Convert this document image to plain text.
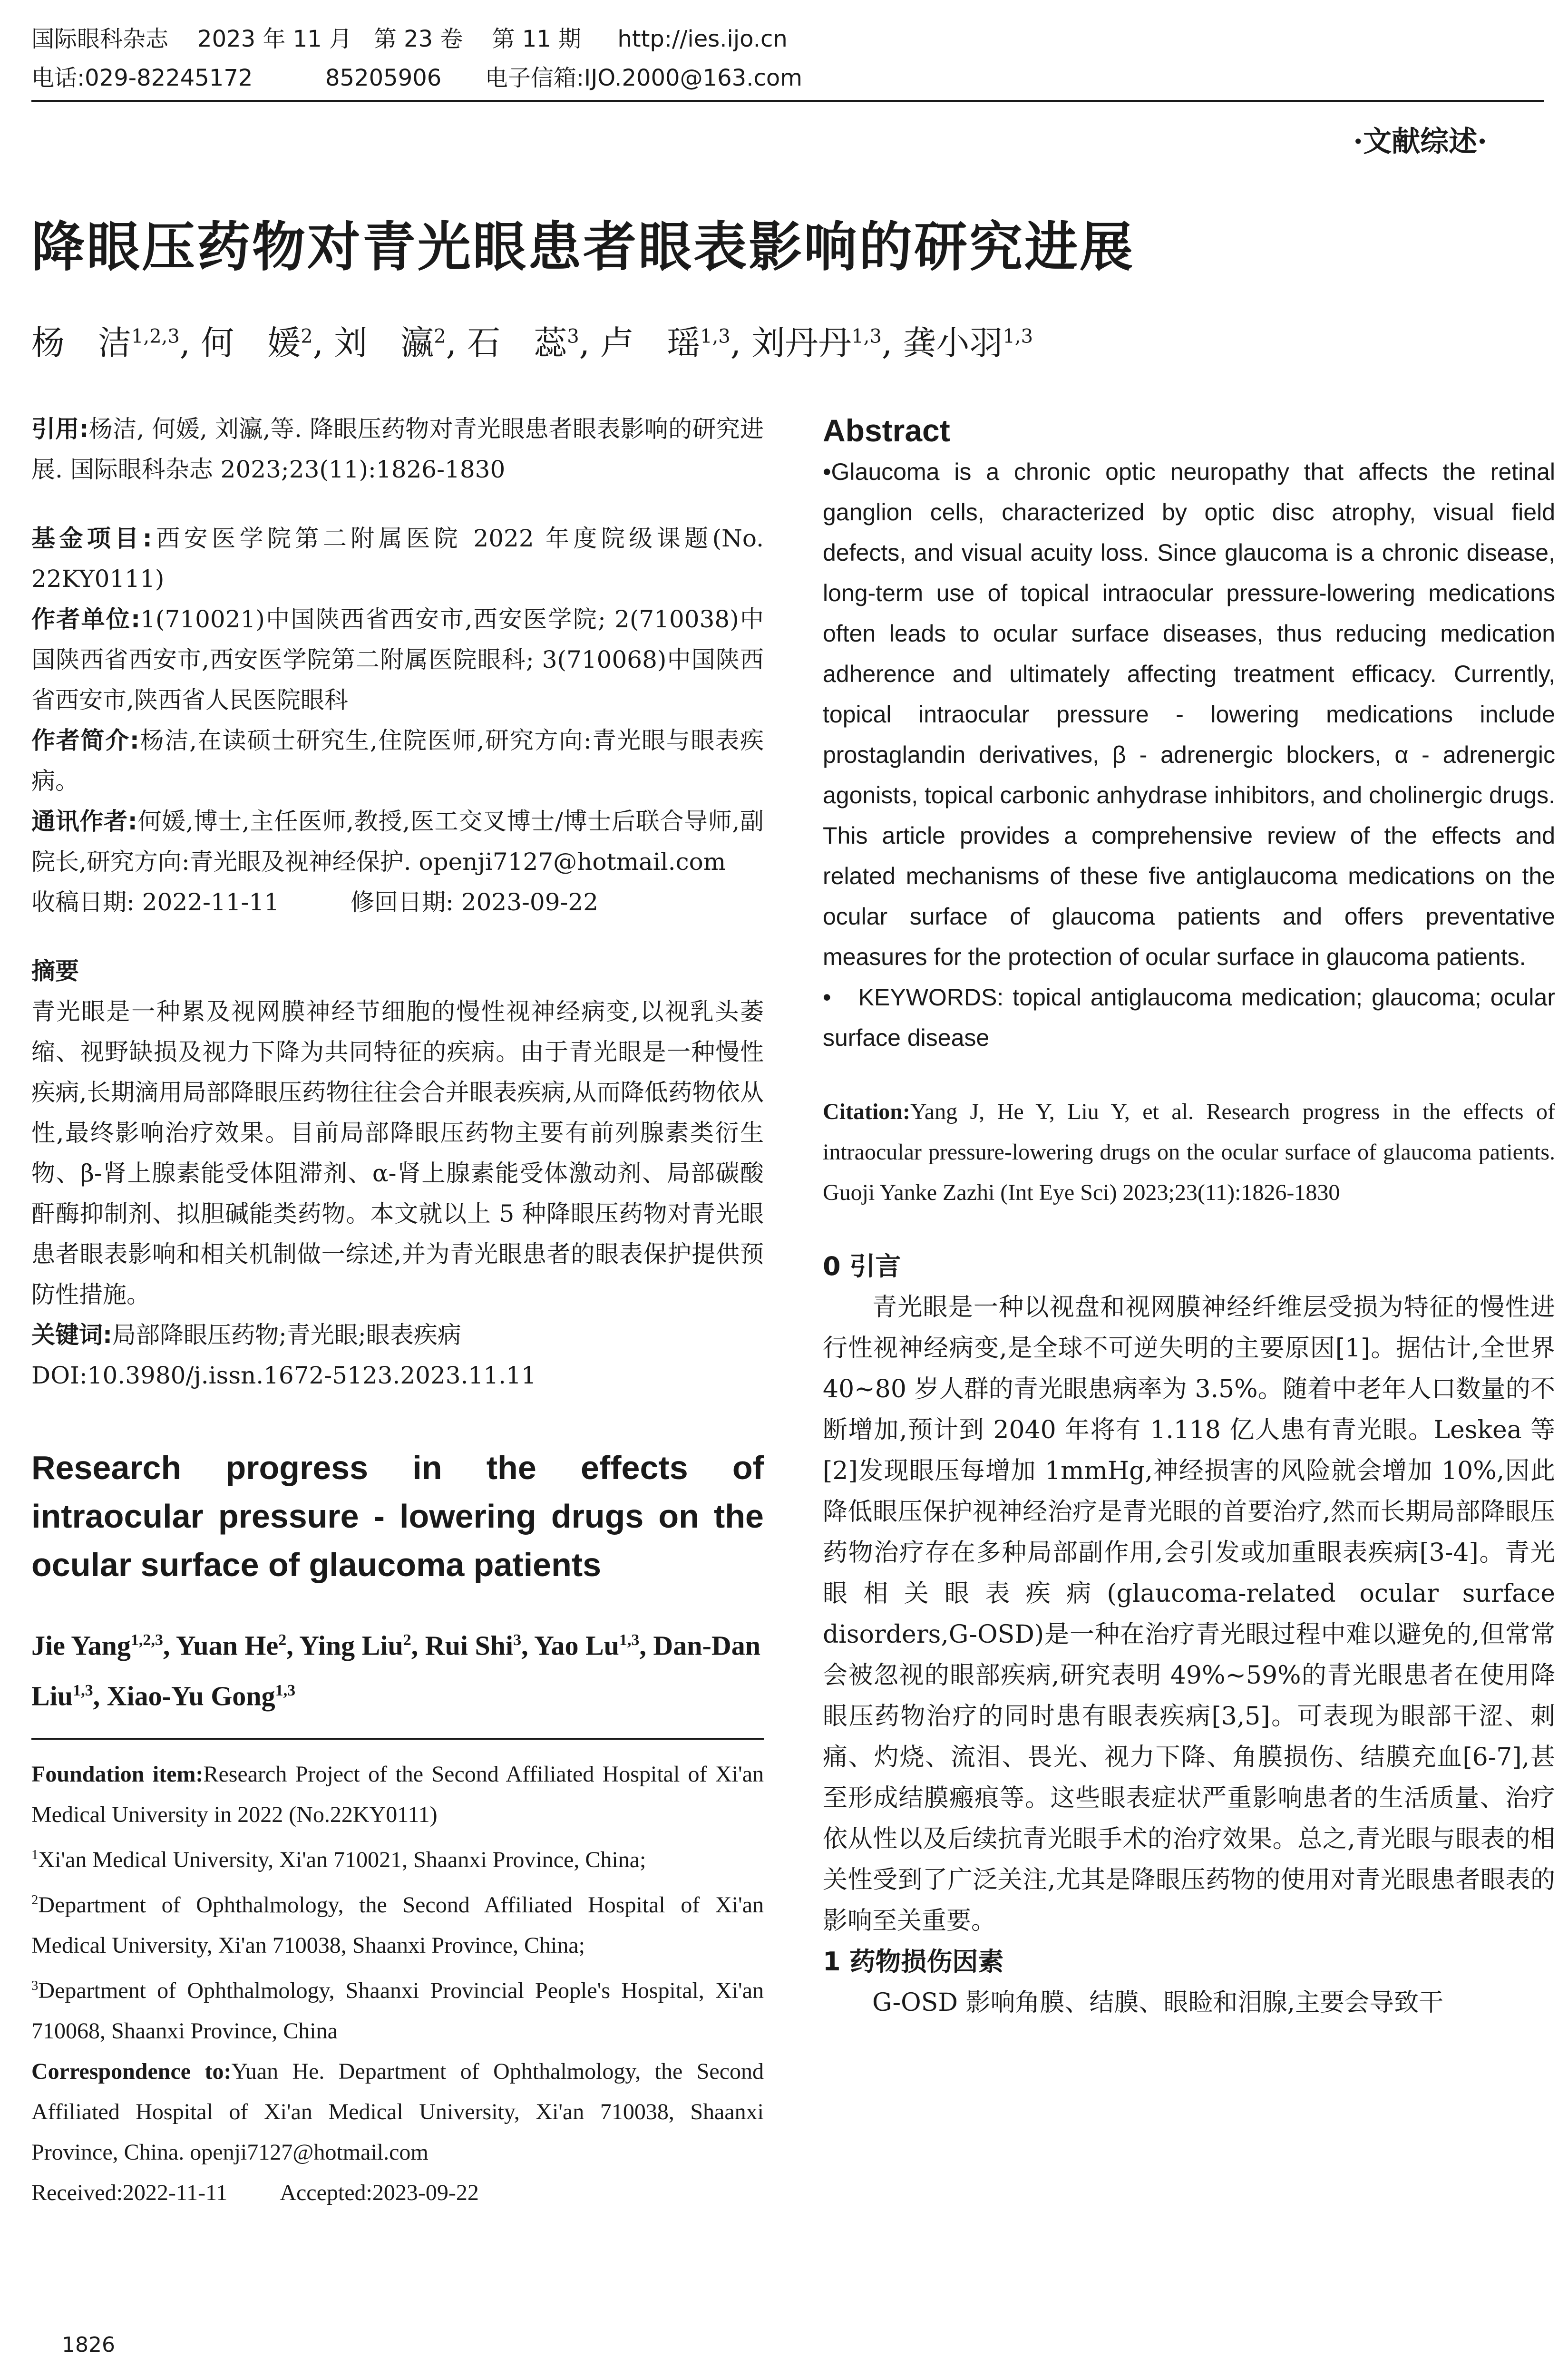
国际眼科杂志    2023 年 11 月   第 23 卷    第 11 期     http://ies.ijo.cn
电话:029-82245172          85205906      电子信箱:IJO.2000@163.com
·文献综述·
降眼压药物对青光眼患者眼表影响的研究进展
杨　洁$^{1,2,3}$, 何　媛$^2$, 刘　瀛$^2$, 石　蕊$^3$, 卢　瑶$^{1,3}$, 刘丹丹$^{1,3}$, 龚小羽$^{1,3}$

引用:杨洁, 何媛, 刘瀛,等. 降眼压药物对青光眼患者眼表影响的研究进展. 国际眼科杂志 2023;23(11):1826-1830

基金项目:西安医学院第二附属医院 2022 年度院级课题(No. 22KY0111)

作者单位:1(710021)中国陕西省西安市,西安医学院; 2(710038)中国陕西省西安市,西安医学院第二附属医院眼科; 3(710068)中国陕西省西安市,陕西省人民医院眼科

作者简介:杨洁,在读硕士研究生,住院医师,研究方向:青光眼与眼表疾病。

通讯作者:何媛,博士,主任医师,教授,医工交叉博士/博士后联合导师,副院长,研究方向:青光眼及视神经保护. openji7127@hotmail.com

收稿日期: 2022-11-11	修回日期: 2023-09-22

摘要

青光眼是一种累及视网膜神经节细胞的慢性视神经病变,以视乳头萎缩、视野缺损及视力下降为共同特征的疾病。由于青光眼是一种慢性疾病,长期滴用局部降眼压药物往往会合并眼表疾病,从而降低药物依从性,最终影响治疗效果。目前局部降眼压药物主要有前列腺素类衍生物、β-肾上腺素能受体阻滞剂、α-肾上腺素能受体激动剂、局部碳酸酐酶抑制剂、拟胆碱能类药物。本文就以上 5 种降眼压药物对青光眼患者眼表影响和相关机制做一综述,并为青光眼患者的眼表保护提供预防性措施。

关键词:局部降眼压药物;青光眼;眼表疾病

DOI:10.3980/j.issn.1672-5123.2023.11.11

Research progress in the effects of intraocular pressure - lowering drugs on the ocular surface of glaucoma patients

Jie Yang$^{1,2,3}$, Yuan He$^2$, Ying Liu$^2$, Rui Shi$^3$, Yao Lu$^{1,3}$, Dan-Dan Liu$^{1,3}$, Xiao-Yu Gong$^{1,3}$

Foundation item:Research Project of the Second Affiliated Hospital of Xi'an Medical University in 2022 (No.22KY0111)

$^1$Xi'an Medical University, Xi'an 710021, Shaanxi Province, China;

$^2$Department of Ophthalmology, the Second Affiliated Hospital of Xi'an Medical University, Xi'an 710038, Shaanxi Province, China;

$^3$Department of Ophthalmology, Shaanxi Provincial People's Hospital, Xi'an 710068, Shaanxi Province, China

Correspondence to:Yuan He. Department of Ophthalmology, the Second Affiliated Hospital of Xi'an Medical University, Xi'an 710038, Shaanxi Province, China. openji7127@hotmail.com

Received:2022-11-11 Accepted:2023-09-22

Abstract

•Glaucoma is a chronic optic neuropathy that affects the retinal ganglion cells, characterized by optic disc atrophy, visual field defects, and visual acuity loss. Since glaucoma is a chronic disease, long-term use of topical intraocular pressure-lowering medications often leads to ocular surface diseases, thus reducing medication adherence and ultimately affecting treatment efficacy. Currently, topical intraocular pressure - lowering medications include prostaglandin derivatives, β - adrenergic blockers, α - adrenergic agonists, topical carbonic anhydrase inhibitors, and cholinergic drugs. This article provides a comprehensive review of the effects and related mechanisms of these five antiglaucoma medications on the ocular surface of glaucoma patients and offers preventative measures for the protection of ocular surface in glaucoma patients.

•   KEYWORDS: topical antiglaucoma medication; glaucoma; ocular surface disease

Citation:Yang J, He Y, Liu Y, et al. Research progress in the effects of intraocular pressure-lowering drugs on the ocular surface of glaucoma patients. Guoji Yanke Zazhi (Int Eye Sci) 2023;23(11):1826-1830

0 引言

青光眼是一种以视盘和视网膜神经纤维层受损为特征的慢性进行性视神经病变,是全球不可逆失明的主要原因[1]。据估计,全世界 40~80 岁人群的青光眼患病率为 3.5%。随着中老年人口数量的不断增加,预计到 2040 年将有 1.118 亿人患有青光眼。Leskea 等[2]发现眼压每增加 1mmHg,神经损害的风险就会增加 10%,因此降低眼压保护视神经治疗是青光眼的首要治疗,然而长期局部降眼压药物治疗存在多种局部副作用,会引发或加重眼表疾病[3-4]。青光眼相关眼表疾病(glaucoma-related ocular surface disorders,G-OSD)是一种在治疗青光眼过程中难以避免的,但常常会被忽视的眼部疾病,研究表明 49%~59%的青光眼患者在使用降眼压药物治疗的同时患有眼表疾病[3,5]。可表现为眼部干涩、刺痛、灼烧、流泪、畏光、视力下降、角膜损伤、结膜充血[6-7],甚至形成结膜瘢痕等。这些眼表症状严重影响患者的生活质量、治疗依从性以及后续抗青光眼手术的治疗效果。总之,青光眼与眼表的相关性受到了广泛关注,尤其是降眼压药物的使用对青光眼患者眼表的影响至关重要。

1 药物损伤因素

G-OSD 影响角膜、结膜、眼睑和泪腺,主要会导致干

1826
